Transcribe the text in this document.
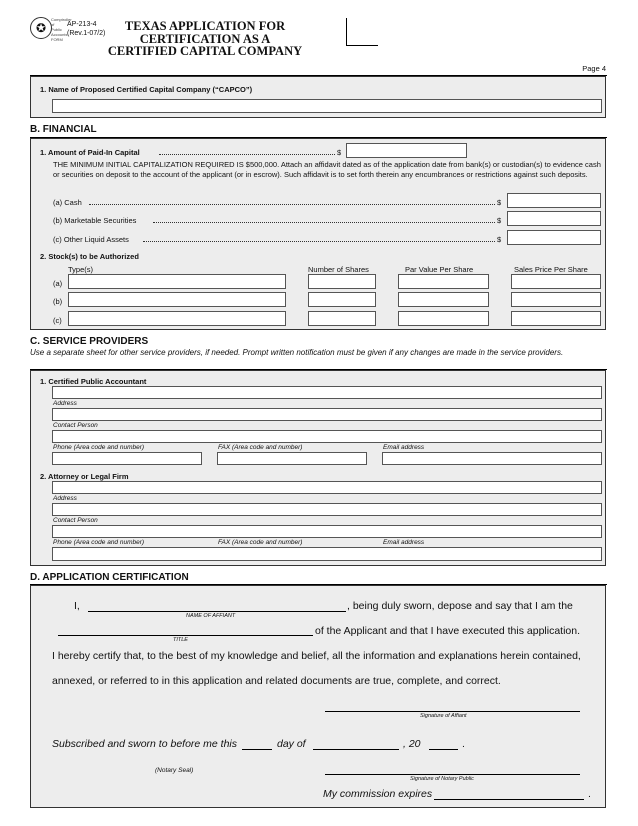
✪
Comptroller of Public Accounts FORM
AP-213-4
(Rev.1-07/2)
TEXAS APPLICATION FOR
CERTIFICATION AS A
CERTIFIED CAPITAL COMPANY
Page 4
1. Name of Proposed Certified Capital Company (“CAPCO”)
B. FINANCIAL
1. Amount of Paid-In Capital	$
THE MINIMUM INITIAL CAPITALIZATION REQUIRED IS $500,000. Attach an affidavit dated as of the application date from bank(s) or custodian(s) to evidence cash or securities on deposit to the account of the applicant (or in escrow). Such affidavit is to set forth therein any encumbrances or restrictions against such deposits.
(a) Cash	$
(b) Marketable Securities	$
(c) Other Liquid Assets	$
2. Stock(s) to be Authorized
Type(s)	Number of Shares	Par Value Per Share	Sales Price Per Share
(a)
(b)
(c)
C. SERVICE PROVIDERS
Use a separate sheet for other service providers, if needed. Prompt written notification must be given if any changes are made in the service providers.
1. Certified Public Accountant
Address
Contact Person
Phone (Area code and number)	FAX (Area code and number)	Email address
2. Attorney or Legal Firm
Address
Contact Person
Phone (Area code and number)	FAX (Area code and number)	Email address
D. APPLICATION CERTIFICATION
I,
NAME OF AFFIANT
, being duly sworn, depose and say that I am the
TITLE
of the Applicant and that I have executed this application.
I hereby certify that, to the best of my knowledge and belief, all the information and explanations herein contained,
annexed, or referred to in this application and related documents are true, complete, and correct.
Signature of Affiant
Subscribed and sworn to before me this	day of	, 20	.
(Notary Seal)
Signature of Notary Public
My commission expires	.
